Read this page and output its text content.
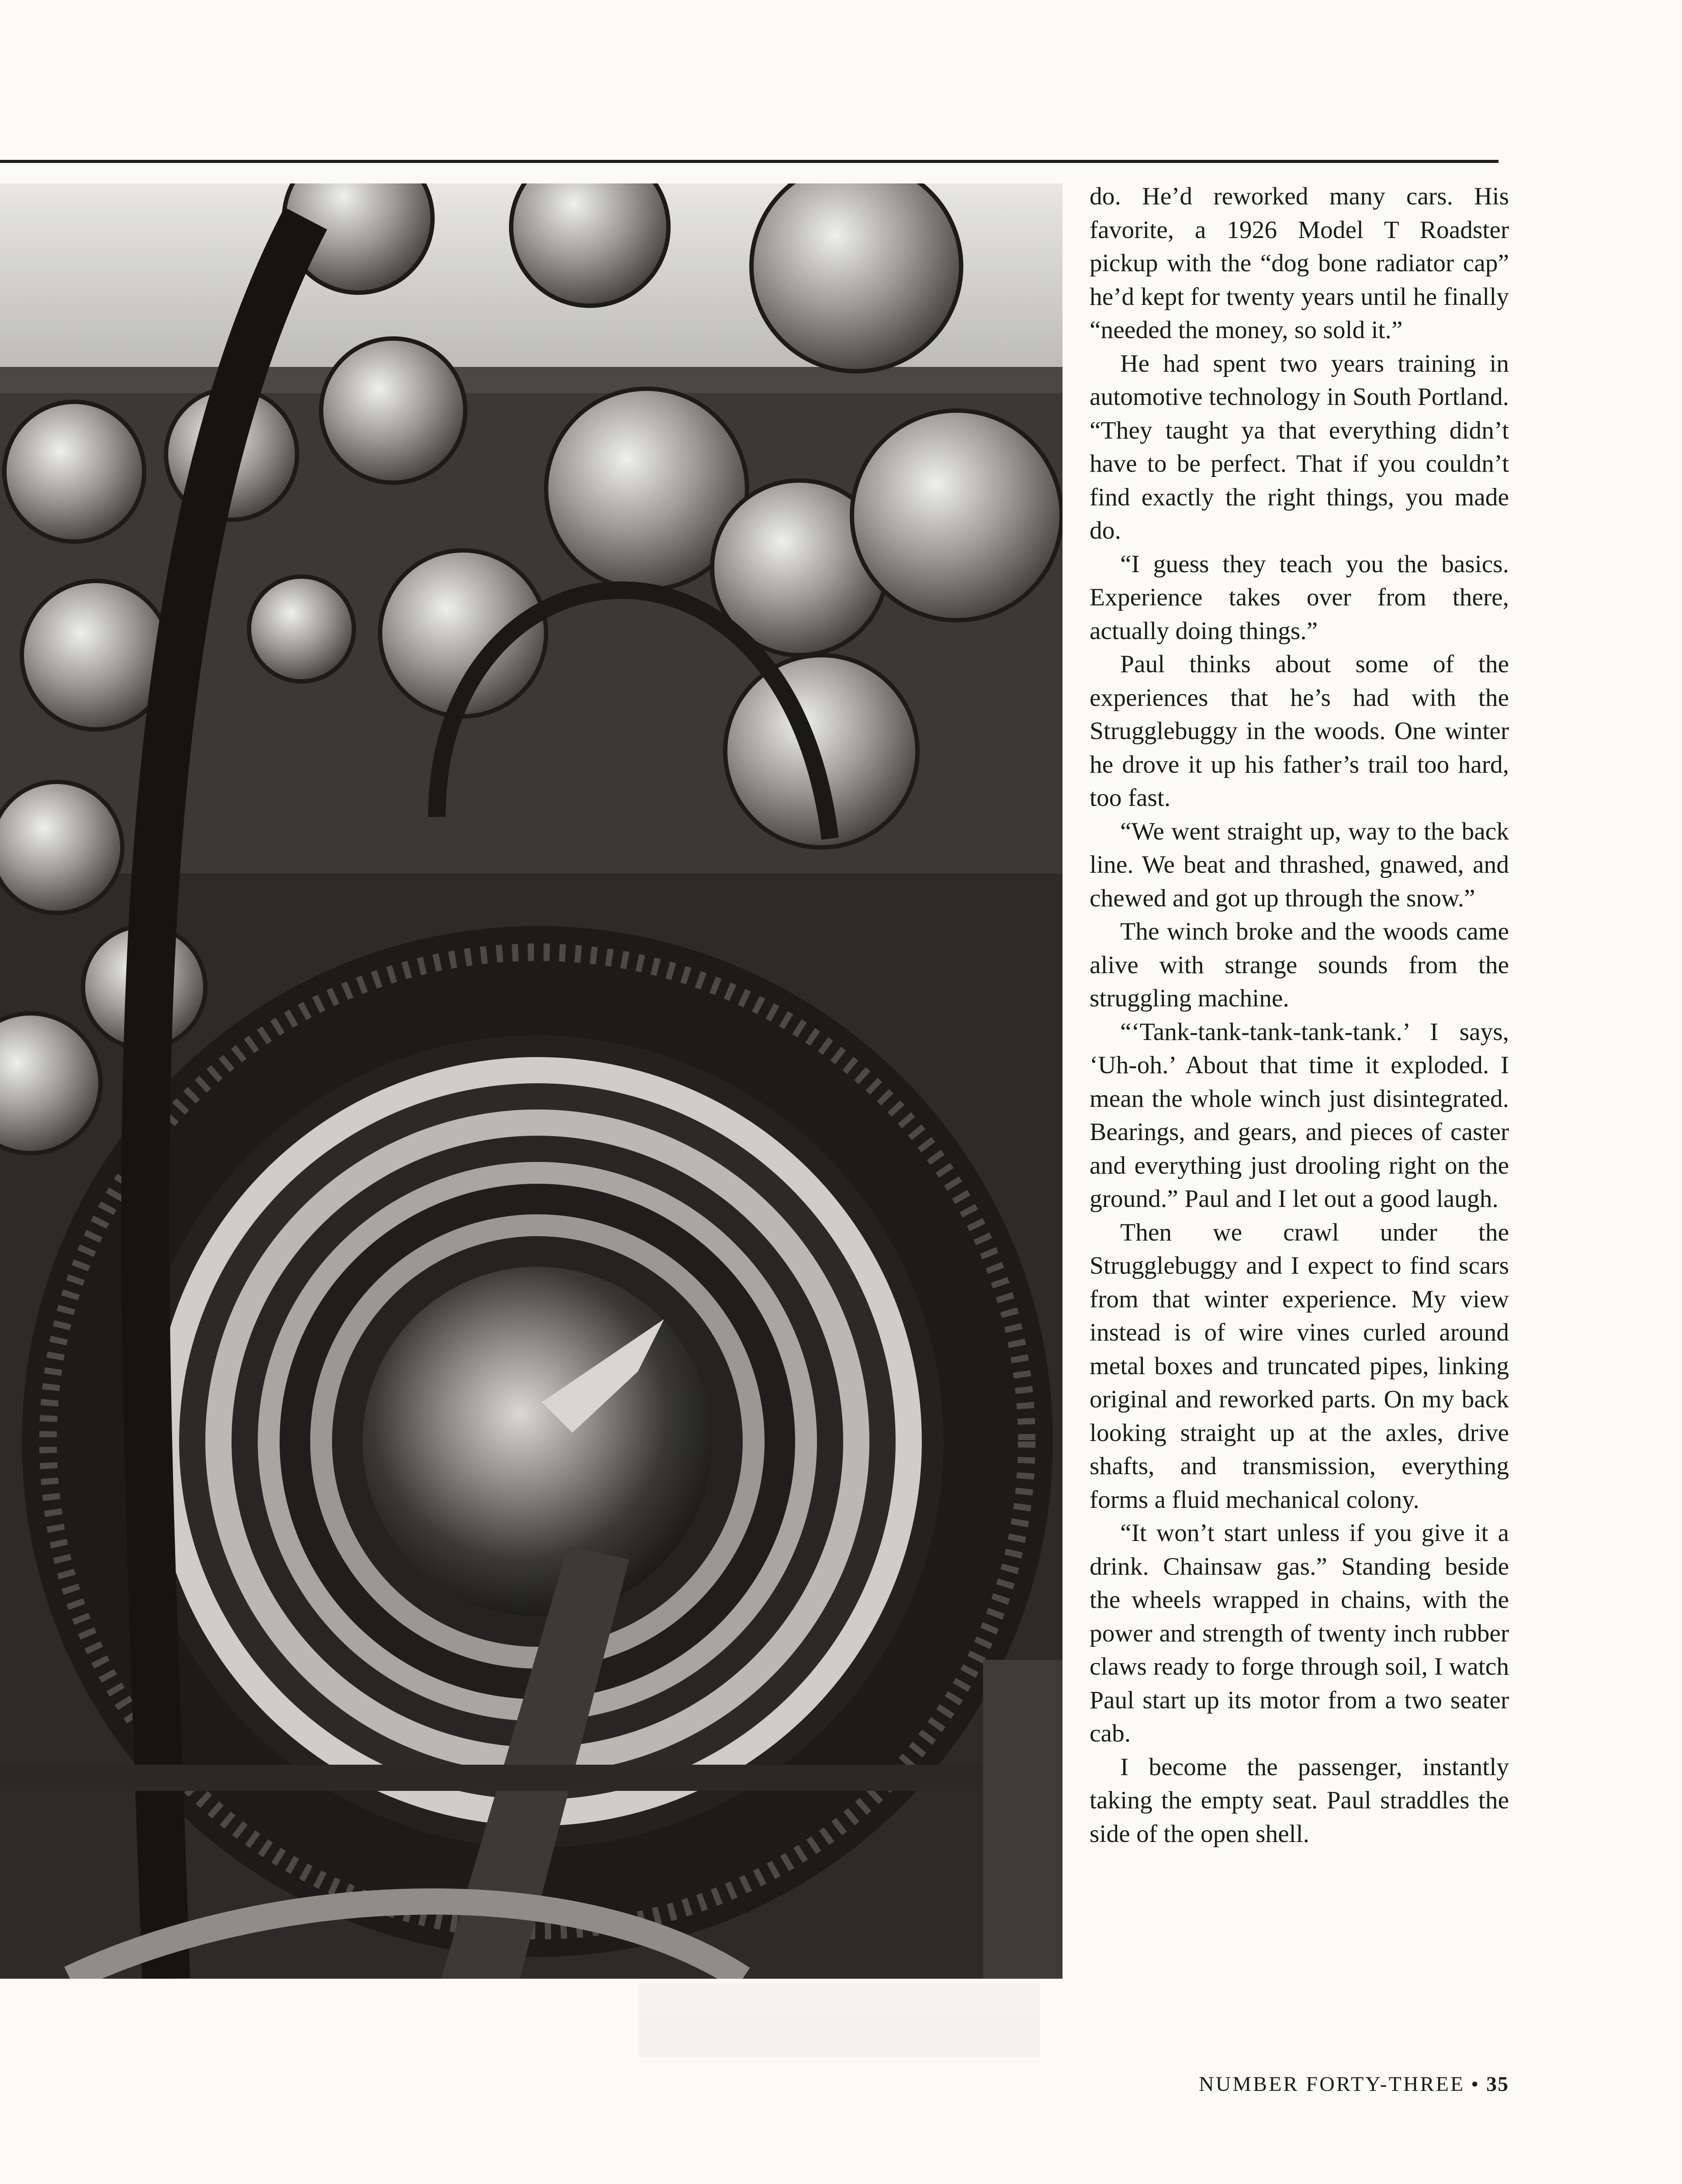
do. He’d reworked many cars. His favorite, a 1926 Model T Roadster pickup with the “dog bone radiator cap” he’d kept for twenty years until he finally “needed the money, so sold it.”

He had spent two years training in automotive technology in South Portland. “They taught ya that everything didn’t have to be perfect. That if you couldn’t find exactly the right things, you made do.

“I guess they teach you the basics. Experience takes over from there, actually doing things.”

Paul thinks about some of the experiences that he’s had with the Strugglebuggy in the woods. One winter he drove it up his father’s trail too hard, too fast.

“We went straight up, way to the back line. We beat and thrashed, gnawed, and chewed and got up through the snow.”

The winch broke and the woods came alive with strange sounds from the struggling machine.

“‘Tank-tank-tank-tank-tank.’ I says, ‘Uh-oh.’ About that time it exploded. I mean the whole winch just disintegrated. Bearings, and gears, and pieces of caster and everything just drooling right on the ground.” Paul and I let out a good laugh.

Then we crawl under the Strugglebuggy and I expect to find scars from that winter experience. My view instead is of wire vines curled around metal boxes and truncated pipes, linking original and reworked parts. On my back looking straight up at the axles, drive shafts, and transmission, everything forms a fluid mechanical colony.

“It won’t start unless if you give it a drink. Chainsaw gas.” Standing beside the wheels wrapped in chains, with the power and strength of twenty inch rubber claws ready to forge through soil, I watch Paul start up its motor from a two seater cab.

I become the passenger, instantly taking the empty seat. Paul straddles the side of the open shell.

NUMBER FORTY-THREE • 35
